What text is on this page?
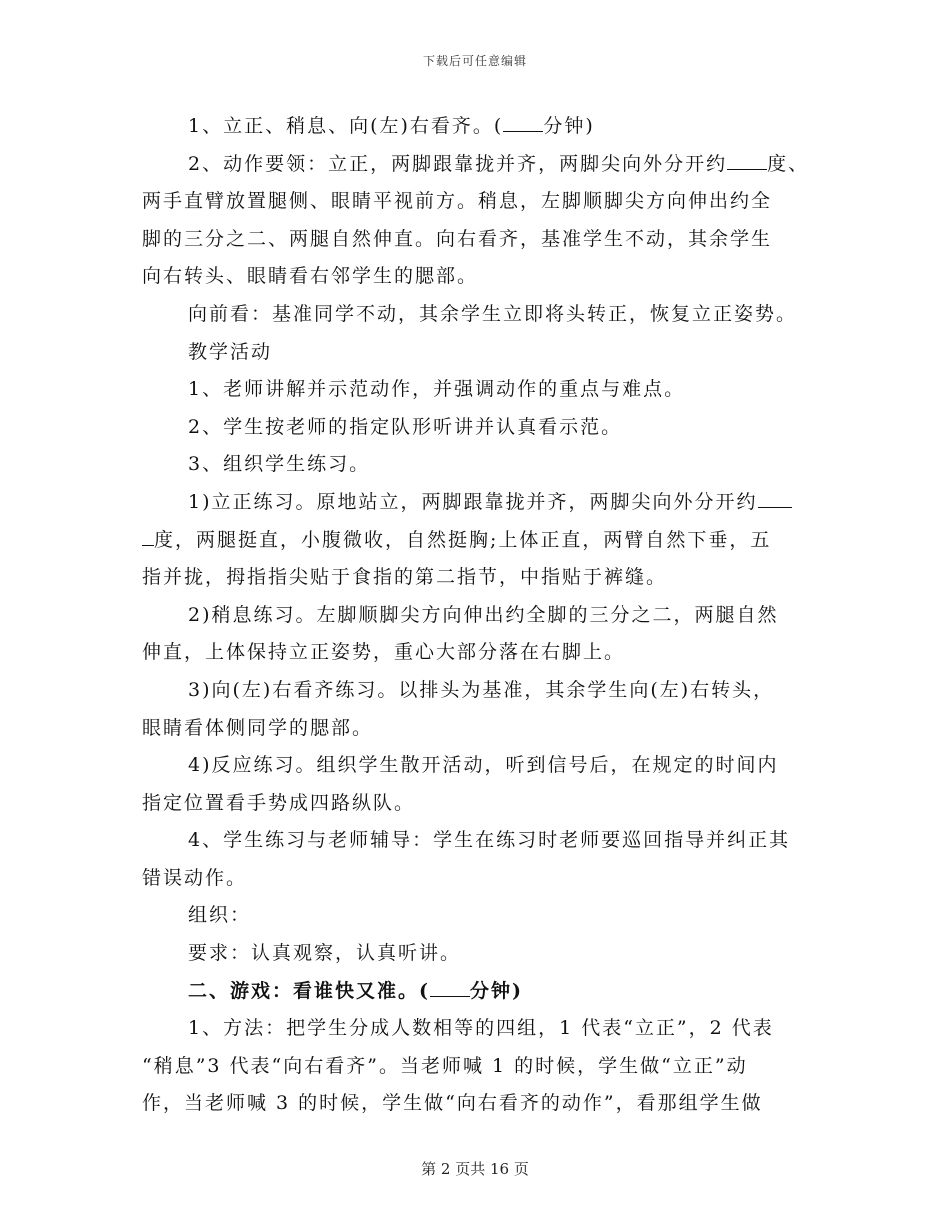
下载后可任意编辑
1、立正、稍息、向(左)右看齐。( 分钟)
2、动作要领：立正，两脚跟靠拢并齐，两脚尖向外分开约 度、
两手直臂放置腿侧、眼睛平视前方。稍息，左脚顺脚尖方向伸出约全
脚的三分之二、两腿自然伸直。向右看齐，基准学生不动，其余学生
向右转头、眼睛看右邻学生的腮部。
向前看：基准同学不动，其余学生立即将头转正，恢复立正姿势。
教学活动
1、老师讲解并示范动作，并强调动作的重点与难点。
2、学生按老师的指定队形听讲并认真看示范。
3、组织学生练习。
1)立正练习。原地站立，两脚跟靠拢并齐，两脚尖向外分开约
度，两腿挺直，小腹微收，自然挺胸;上体正直，两臂自然下垂，五
指并拢，拇指指尖贴于食指的第二指节，中指贴于裤缝。
2)稍息练习。左脚顺脚尖方向伸出约全脚的三分之二，两腿自然
伸直，上体保持立正姿势，重心大部分落在右脚上。
3)向(左)右看齐练习。以排头为基准，其余学生向(左)右转头，
眼睛看体侧同学的腮部。
4)反应练习。组织学生散开活动，听到信号后，在规定的时间内
指定位置看手势成四路纵队。
4、学生练习与老师辅导：学生在练习时老师要巡回指导并纠正其
错误动作。
组织：
要求：认真观察，认真听讲。
二、游戏：看谁快又准。( 分钟)
1、方法：把学生分成人数相等的四组，1 代表“立正”，2 代表
“稍息”3 代表“向右看齐”。当老师喊 1 的时候，学生做“立正”动
作，当老师喊 3 的时候，学生做“向右看齐的动作”，看那组学生做
第 2 页共 16 页
